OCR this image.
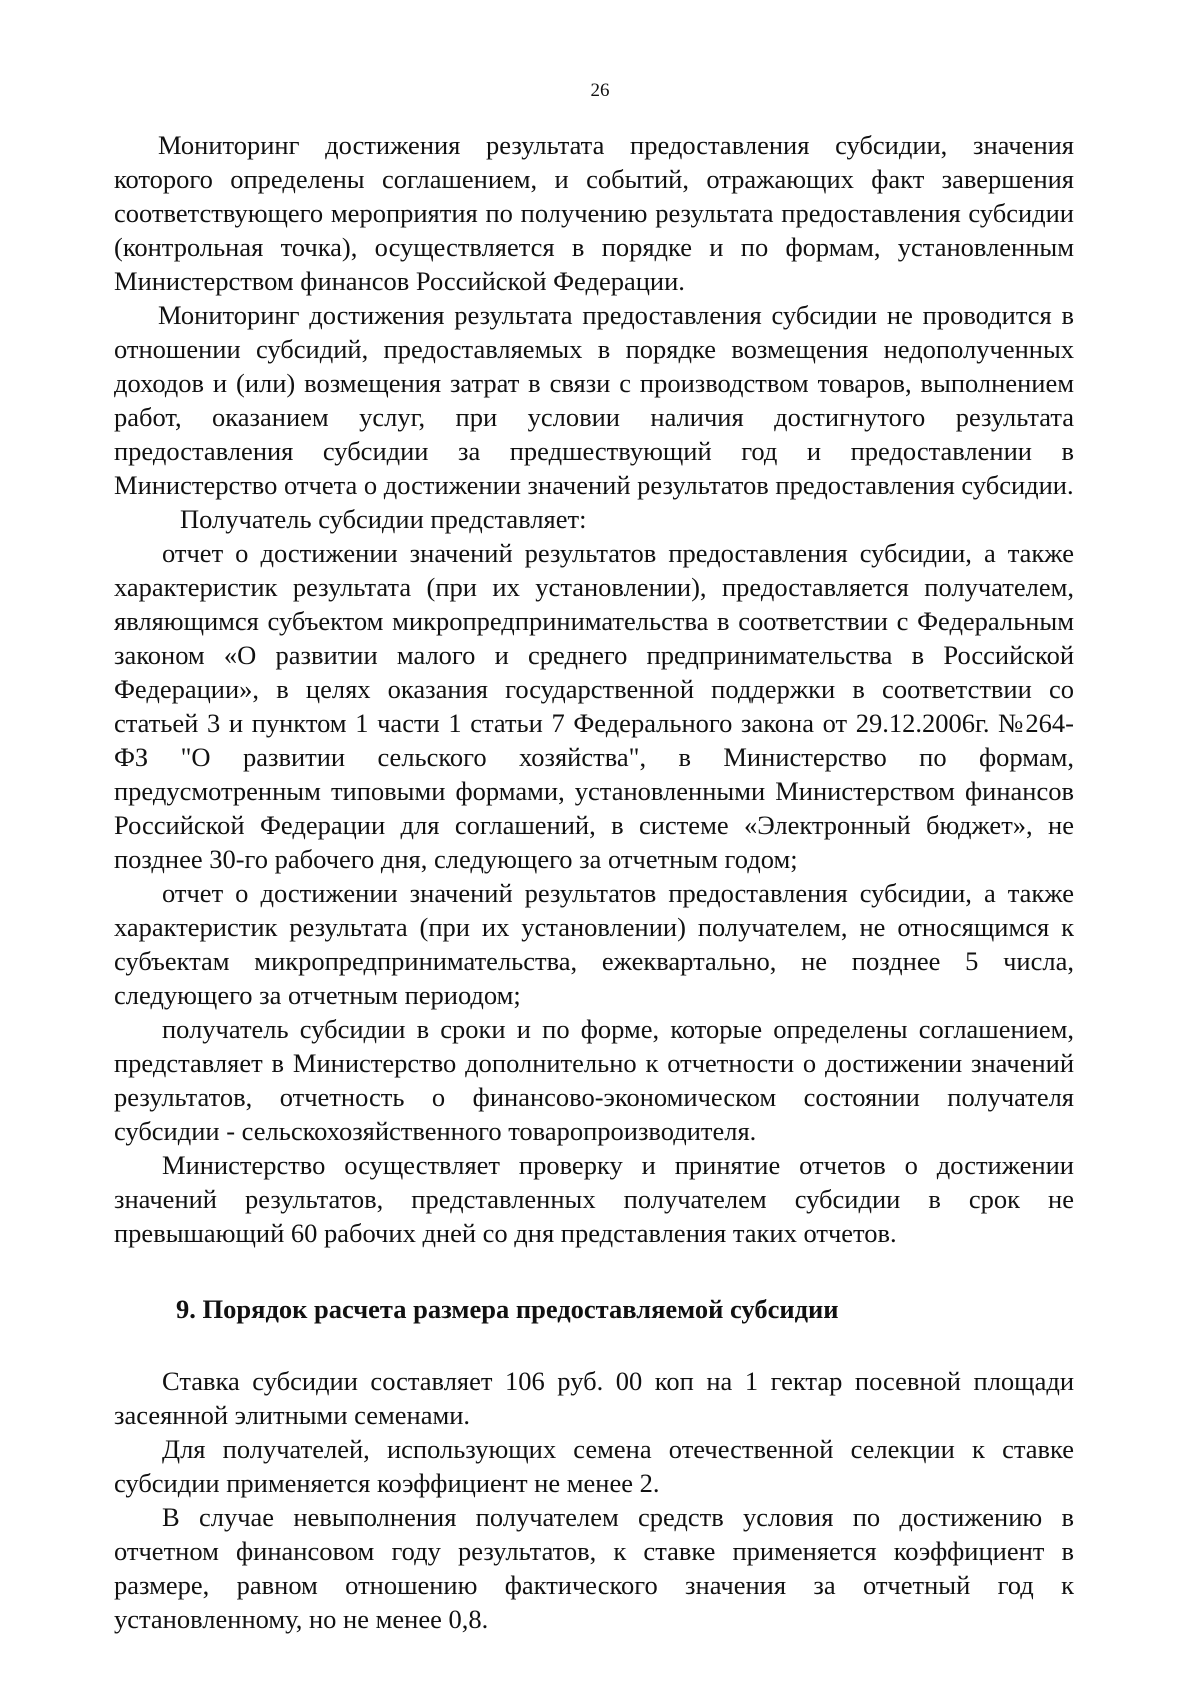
26

Мониторинг достижения результата предоставления субсидии, значения которого определены соглашением, и событий, отражающих факт завершения соответствующего мероприятия по получению результата предоставления субсидии (контрольная точка), осуществляется в порядке и по формам, установленным Министерством финансов Российской Федерации.

Мониторинг достижения результата предоставления субсидии не проводится в отношении субсидий, предоставляемых в порядке возмещения недополученных доходов и (или) возмещения затрат в связи с производством товаров, выполнением работ, оказанием услуг, при условии наличия достигнутого результата предоставления субсидии за предшествующий год и предоставлении в Министерство отчета о достижении значений результатов предоставления субсидии.

Получатель субсидии представляет:

отчет о достижении значений результатов предоставления субсидии, а также характеристик результата (при их установлении), предоставляется получателем, являющимся субъектом микропредпринимательства в соответствии с Федеральным законом «О развитии малого и среднего предпринимательства в Российской Федерации», в целях оказания государственной поддержки в соответствии со статьей 3 и пунктом 1 части 1 статьи 7 Федерального закона от 29.12.2006г. №264-ФЗ "О развитии сельского хозяйства", в Министерство по формам, предусмотренным типовыми формами, установленными Министерством финансов Российской Федерации для соглашений, в системе «Электронный бюджет», не позднее 30-го рабочего дня, следующего за отчетным годом;

отчет о достижении значений результатов предоставления субсидии, а также характеристик результата (при их установлении) получателем, не относящимся к субъектам микропредпринимательства, ежеквартально, не позднее 5 числа, следующего за отчетным периодом;

получатель субсидии в сроки и по форме, которые определены соглашением, представляет в Министерство дополнительно к отчетности о достижении значений результатов, отчетность о финансово-экономическом состоянии получателя субсидии - сельскохозяйственного товаропроизводителя.

Министерство осуществляет проверку и принятие отчетов о достижении значений результатов, представленных получателем субсидии в срок не превышающий 60 рабочих дней со дня представления таких отчетов.

9. Порядок расчета размера предоставляемой субсидии

Ставка субсидии составляет 106 руб. 00 коп на 1 гектар посевной площади засеянной элитными семенами.

Для получателей, использующих семена отечественной селекции к ставке субсидии применяется коэффициент не менее 2.

В случае невыполнения получателем средств условия по достижению в отчетном финансовом году результатов, к ставке применяется коэффициент в размере, равном отношению фактического значения за отчетный год к установленному, но не менее 0,8.
